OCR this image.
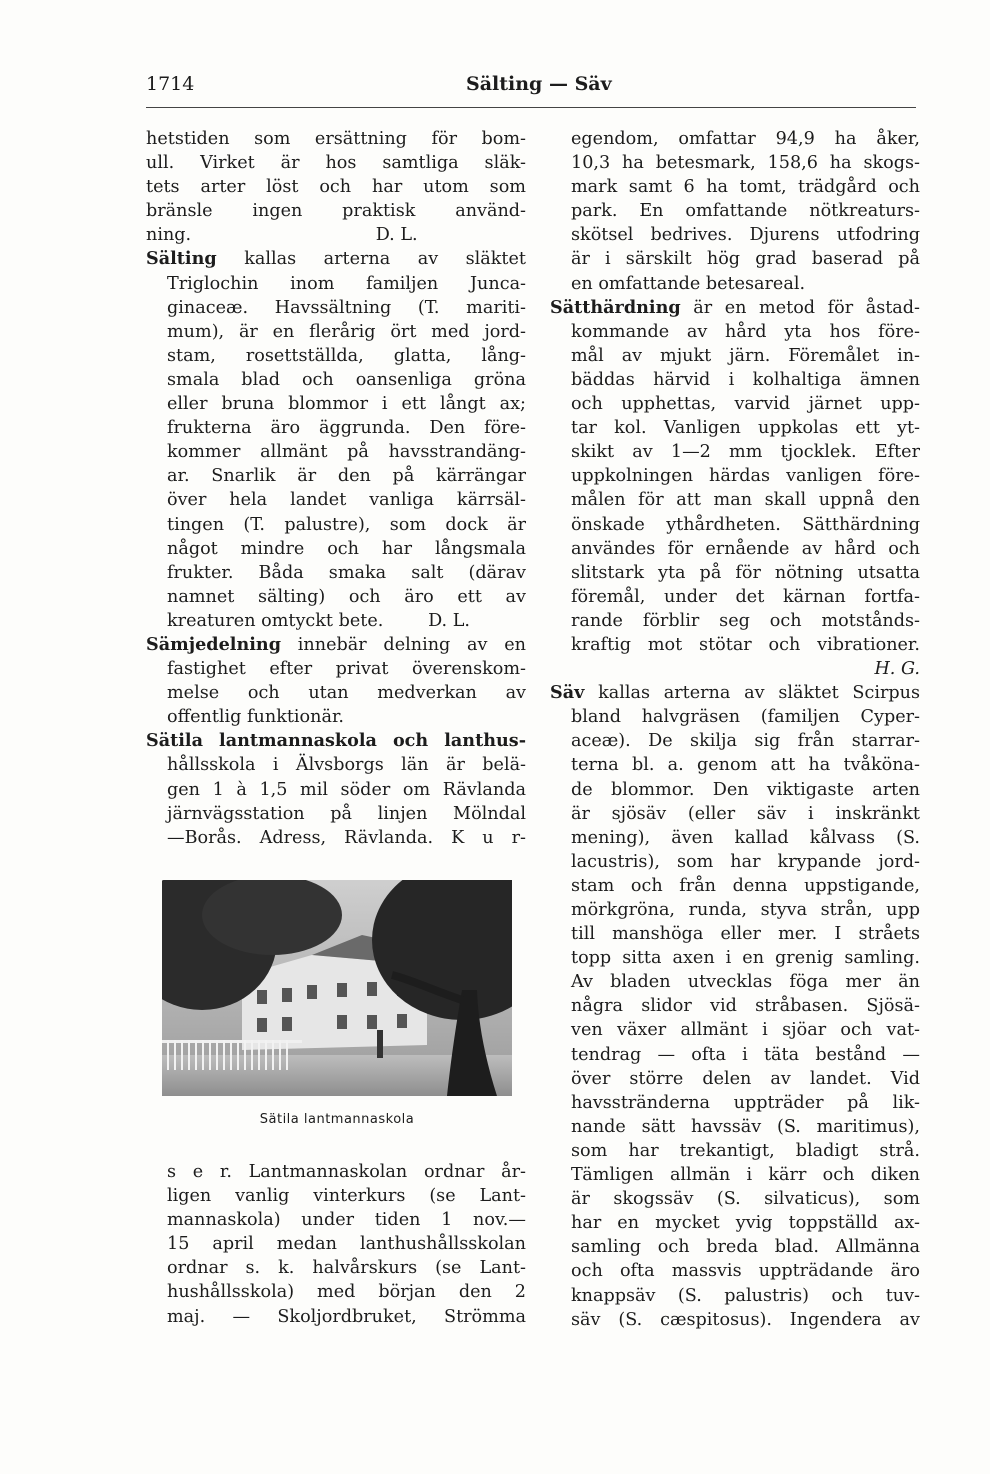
1714	Sälting — Säv
hetstiden som ersättning för bom-
ull. Virket är hos samtliga släk-
tets arter löst och har utom som
bränsle ingen praktisk använd-
ning.                                 D. L.
Sälting kallas arterna av släktet
Triglochin inom familjen Junca-
ginaceæ. Havssältning (T. mariti-
mum), är en flerårig ört med jord-
stam, rosettställda, glatta, lång-
smala blad och oansenliga gröna
eller bruna blommor i ett långt ax;
frukterna äro äggrunda. Den före-
kommer allmänt på havsstrandäng-
ar. Snarlik är den på kärrängar
över hela landet vanliga kärrsäl-
tingen (T. palustre), som dock är
något mindre och har långsmala
frukter. Båda smaka salt (därav
namnet sälting) och äro ett av
kreaturen omtyckt bete.        D. L.
Sämjedelning innebär delning av en
fastighet efter privat överenskom-
melse och utan medverkan av
offentlig funktionär.
Sätila lantmannaskola och lanthus-
hållsskola i Älvsborgs län är belä-
gen 1 à 1,5 mil söder om Rävlanda
järnvägsstation på linjen Mölndal
—Borås. Adress, Rävlanda. K u r-
Sätila lantmannaskola
s e r. Lantmannaskolan ordnar år-
ligen vanlig vinterkurs (se Lant-
mannaskola) under tiden 1 nov.—
15 april medan lanthushållsskolan
ordnar s. k. halvårskurs (se Lant-
hushållsskola) med början den 2
maj. — Skoljordbruket, Strömma
egendom, omfattar 94,9 ha åker,
10,3 ha betesmark, 158,6 ha skogs-
mark samt 6 ha tomt, trädgård och
park. En omfattande nötkreaturs-
skötsel bedrives. Djurens utfodring
är i särskilt hög grad baserad på
en omfattande betesareal.
Sätthärdning är en metod för åstad-
kommande av hård yta hos före-
mål av mjukt järn. Föremålet in-
bäddas härvid i kolhaltiga ämnen
och upphettas, varvid järnet upp-
tar kol. Vanligen uppkolas ett yt-
skikt av 1—2 mm tjocklek. Efter
uppkolningen härdas vanligen före-
målen för att man skall uppnå den
önskade ythårdheten. Sätthärdning
användes för ernående av hård och
slitstark yta på för nötning utsatta
föremål, under det kärnan fortfa-
rande förblir seg och motstånds-
kraftig mot stötar och vibrationer.
H. G.
Säv kallas arterna av släktet Scirpus
bland halvgräsen (familjen Cyper-
aceæ). De skilja sig från starrar-
terna bl. a. genom att ha tvåköna-
de blommor. Den viktigaste arten
är sjösäv (eller säv i inskränkt
mening), även kallad kålvass (S.
lacustris), som har krypande jord-
stam och från denna uppstigande,
mörkgröna, runda, styva strån, upp
till manshöga eller mer. I stråets
topp sitta axen i en grenig samling.
Av bladen utvecklas föga mer än
några slidor vid stråbasen. Sjösä-
ven växer allmänt i sjöar och vat-
tendrag — ofta i täta bestånd —
över större delen av landet. Vid
havsstränderna uppträder på lik-
nande sätt havssäv (S. maritimus),
som har trekantigt, bladigt strå.
Tämligen allmän i kärr och diken
är skogssäv (S. silvaticus), som
har en mycket yvig toppställd ax-
samling och breda blad. Allmänna
och ofta massvis uppträdande äro
knappsäv (S. palustris) och tuv-
säv (S. cæspitosus). Ingendera av
